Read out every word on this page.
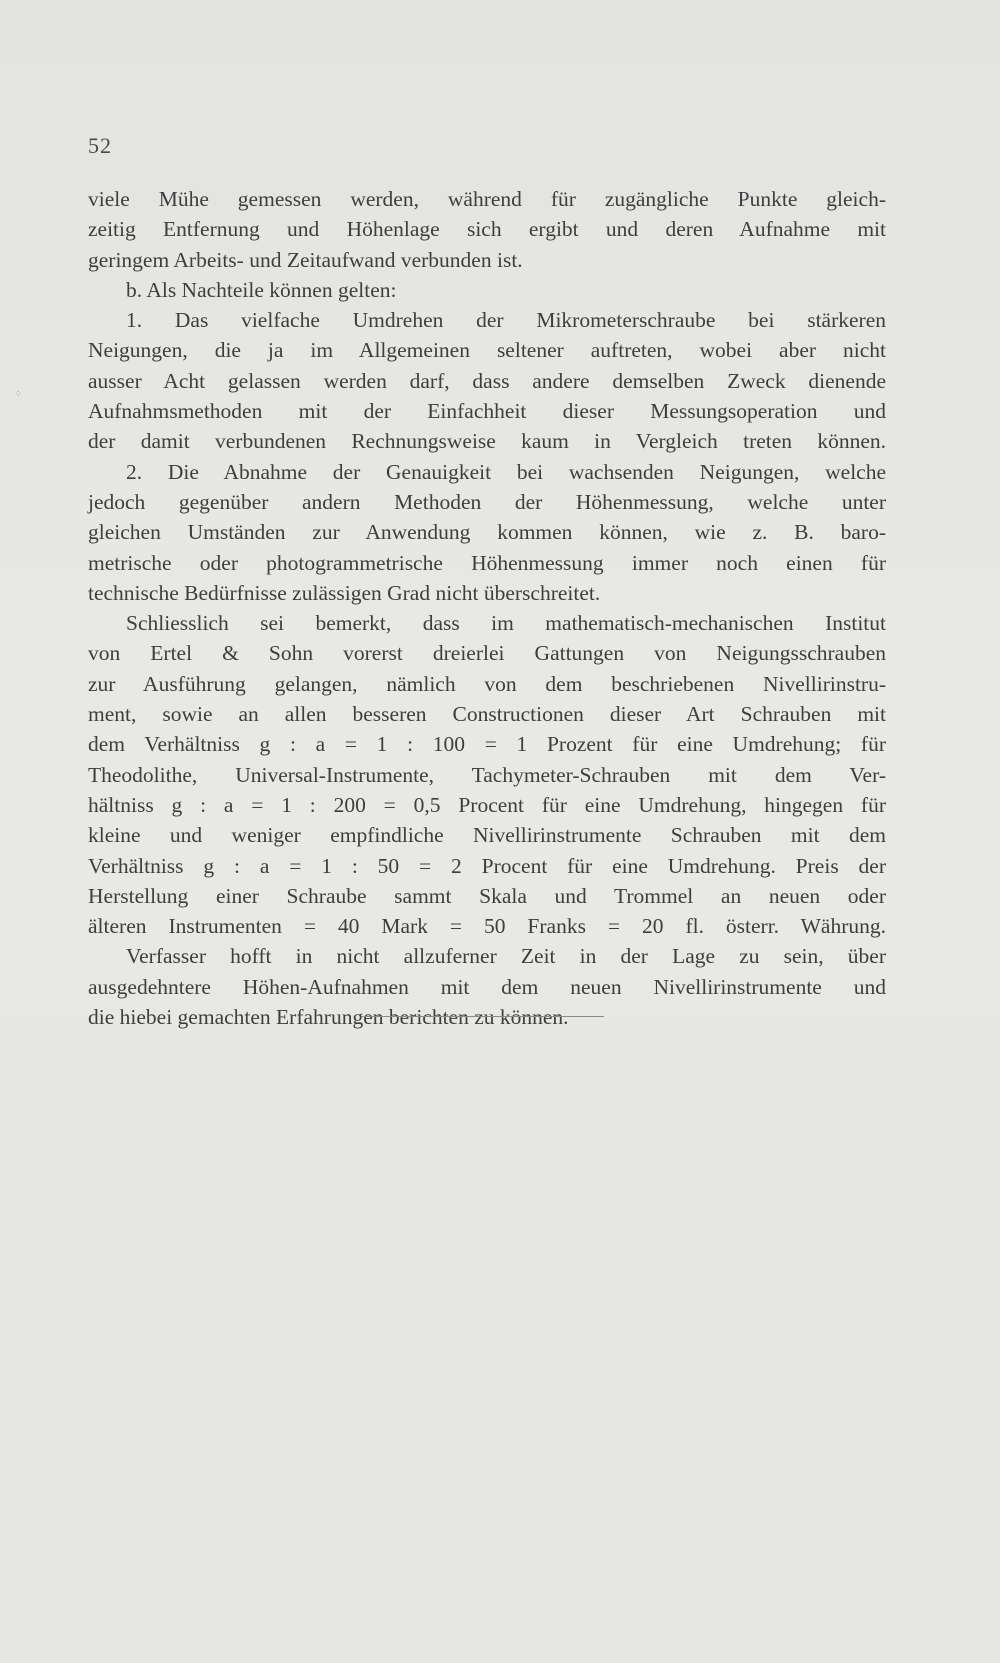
⁘
52
viele Mühe gemessen werden, während für zugängliche Punkte gleich-
zeitig Entfernung und Höhenlage sich ergibt und deren Aufnahme mit
geringem Arbeits- und Zeitaufwand verbunden ist.
b. Als Nachteile können gelten:
1. Das vielfache Umdrehen der Mikrometerschraube bei stärkeren
Neigungen, die ja im Allgemeinen seltener auftreten, wobei aber nicht
ausser Acht gelassen werden darf, dass andere demselben Zweck dienende
Aufnahmsmethoden mit der Einfachheit dieser Messungsoperation und
der damit verbundenen Rechnungsweise kaum in Vergleich treten können.
2. Die Abnahme der Genauigkeit bei wachsenden Neigungen, welche
jedoch gegenüber andern Methoden der Höhenmessung, welche unter
gleichen Umständen zur Anwendung kommen können, wie z. B. baro-
metrische oder photogrammetrische Höhenmessung immer noch einen für
technische Bedürfnisse zulässigen Grad nicht überschreitet.
Schliesslich sei bemerkt, dass im mathematisch-mechanischen Institut
von Ertel & Sohn vorerst dreierlei Gattungen von Neigungsschrauben
zur Ausführung gelangen, nämlich von dem beschriebenen Nivellirinstru-
ment, sowie an allen besseren Constructionen dieser Art Schrauben mit
dem Verhältniss g : a = 1 : 100 = 1 Prozent für eine Umdrehung; für
Theodolithe, Universal-Instrumente, Tachymeter-Schrauben mit dem Ver-
hältniss g : a = 1 : 200 = 0,5 Procent für eine Umdrehung, hingegen für
kleine und weniger empfindliche Nivellirinstrumente Schrauben mit dem
Verhältniss g : a = 1 : 50 = 2 Procent für eine Umdrehung. Preis der
Herstellung einer Schraube sammt Skala und Trommel an neuen oder
älteren Instrumenten = 40 Mark = 50 Franks = 20 fl. österr. Währung.
Verfasser hofft in nicht allzuferner Zeit in der Lage zu sein, über
ausgedehntere Höhen-Aufnahmen mit dem neuen Nivellirinstrumente und
die hiebei gemachten Erfahrungen berichten zu können.
